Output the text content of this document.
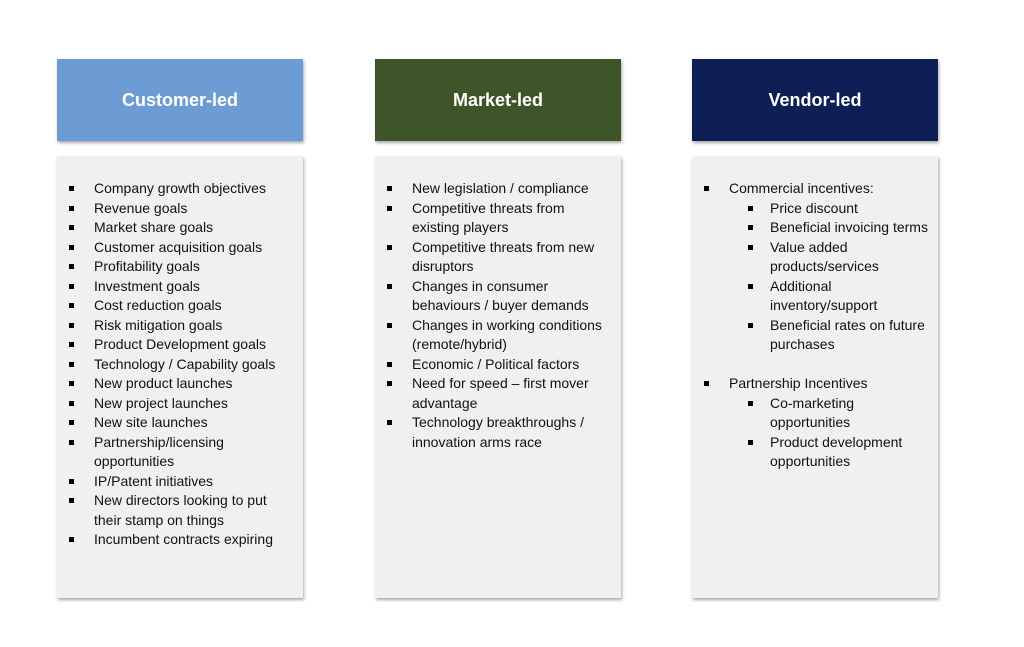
Customer-led
Company growth objectives
Revenue goals
Market share goals
Customer acquisition goals
Profitability goals
Investment goals
Cost reduction goals
Risk mitigation goals
Product Development goals
Technology / Capability goals
New product launches
New project launches
New site launches
Partnership/licensing opportunities
IP/Patent initiatives
New directors looking to put their stamp on things
Incumbent contracts expiring
Market-led
New legislation / compliance
Competitive threats from existing players
Competitive threats from new disruptors
Changes in consumer behaviours / buyer demands
Changes in working conditions (remote/hybrid)
Economic / Political factors
Need for speed – first mover advantage
Technology breakthroughs / innovation arms race
Vendor-led
Commercial incentives:
Price discount
Beneficial invoicing terms
Value added products/services
Additional inventory/support
Beneficial rates on future purchases
Partnership Incentives
Co-marketing opportunities
Product development opportunities
